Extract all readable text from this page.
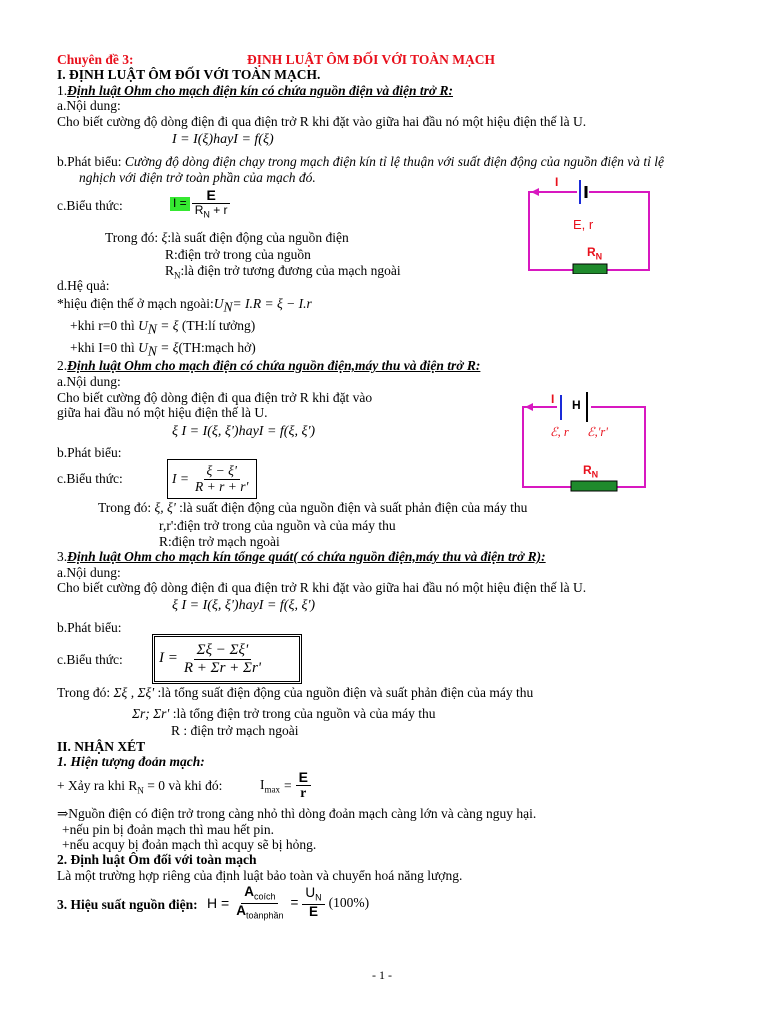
Chuyên đề 3:	ĐỊNH LUẬT ÔM ĐỐI VỚI TOÀN MẠCH
I. ĐỊNH LUẬT ÔM ĐỐI VỚI TOÀN MẠCH.
1.Định luật Ohm cho mạch điện kín có chứa nguồn điện và điện trở R:
a.Nội dung:
Cho biết cường độ dòng điện đi qua điện trở R khi đặt vào giữa hai đầu nó một hiệu điện thế là U.
I = I(ξ)hayI = f(ξ)
b.Phát biểu: Cường độ dòng điện chạy trong mạch điện kín tỉ lệ thuận với suất điện động của nguồn điện và tỉ lệ
nghịch với điện trở toàn phần của mạch đó.
c.Biểu thức:	$I = \frac{E}{R_N + r}$
Trong đó: ξ:là suất điện động của nguồn điện
R:điện trở trong của nguồn
$R_N:là$ điện trở tương đương của mạch ngoài
d.Hệ quả:
*hiệu điện thế ở mạch $ngoài:U_N= I.R = \xi - I.r$
+khi r=0 thì $U_N = \xi$ (TH:lí tưởng)
+khi I=0 thì $U_N$ = ξ(TH:mạch hở)
I
E, r
$R_N$
2.Định luật Ohm cho mạch điện có chứa nguồn điện,máy thu và điện trở R:
a.Nội dung:
Cho biết cường độ dòng điện đi qua điện trở R khi đặt vào
giữa hai đầu nó một hiệu điện thế là U.
ξ I = I(ξ, ξ')hayI = f(ξ, ξ')
b.Phát biểu:
c.Biểu thức:	$I = \frac{\xi - \xi'}{R + r + r'}$
Trong đó: ξ, ξ' :là suất điện động của nguồn điện và suất phản điện của máy thu
r,r':điện trở trong của nguồn và của máy thu
R:điện trở mạch ngoài
I H
ℰ, r ℰ,'r'
$R_N$
3.Định luật Ohm cho mạch kín tổnge quát( có chứa nguồn điện,máy thu và điện trở R):
a.Nội dung:
Cho biết cường độ dòng điện đi qua điện trở R khi đặt vào giữa hai đầu nó một hiệu điện thế là U.
ξ I = I(ξ, ξ')hayI = f(ξ, ξ')
b.Phát biểu:
c.Biểu thức: $I = \frac{\Sigma\xi - \Sigma\xi'}{R + \Sigma r + \Sigma r'}$
Trong đó: Σξ , Σξ' :là tổng suất điện động của nguồn điện và suất phản điện của máy thu
Σr; Σr' :là tổng điện trở trong của nguồn và của máy thu
R : điện trở mạch ngoài
II. NHẬN XÉT
1. Hiện tượng đoản mạch:
+ Xảy ra khi $R_N = 0$ và khi đó:	$I_{max} = \frac{E}{r}$
⇒Nguồn điện có điện trở trong càng nhỏ thì dòng đoản mạch càng lớn và càng nguy hại.
+nếu pin bị đoản mạch thì mau hết pin.
+nếu acquy bị đoản mạch thì acquy sẽ bị hỏng.
2. Định luật Ôm đối với toàn mạch
Là một trường hợp riêng của định luật bảo toàn và chuyển hoá năng lượng.
3. Hiệu suất nguồn điện: $H = \frac{A_{coích}}{A_{toànphần}} = \frac{U_N}{E} (100\%)$
- 1 -
